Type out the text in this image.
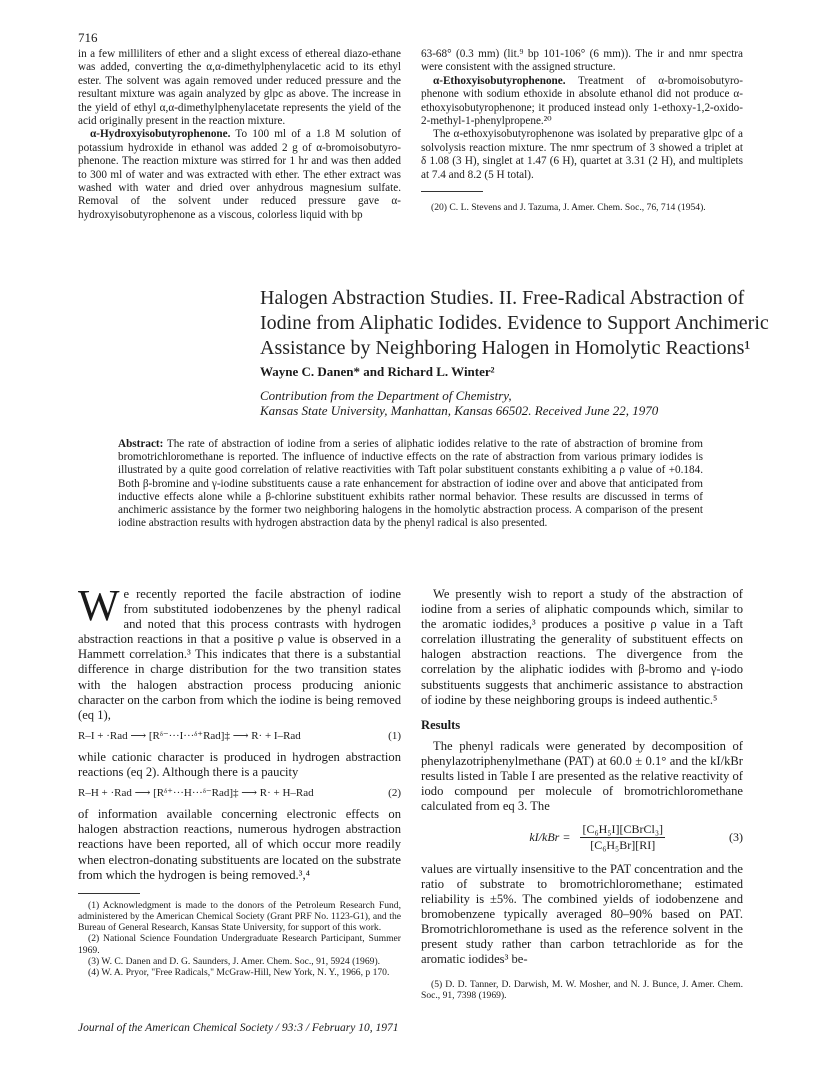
716

in a few milliliters of ether and a slight excess of ethereal diazo-ethane was added, converting the α,α-dimethylphenylacetic acid to its ethyl ester. The solvent was again removed under reduced pressure and the resultant mixture was again analyzed by glpc as above. The increase in the yield of ethyl α,α-dimethylphenylacetate represents the yield of the acid originally present in the reaction mixture.

α-Hydroxyisobutyrophenone. To 100 ml of a 1.8 M solution of potassium hydroxide in ethanol was added 2 g of α-bromoisobutyro-phenone. The reaction mixture was stirred for 1 hr and was then added to 300 ml of water and was extracted with ether. The ether extract was washed with water and dried over anhydrous magnesium sulfate. Removal of the solvent under reduced pressure gave α-hydroxyisobutyrophenone as a viscous, colorless liquid with bp

63-68° (0.3 mm) (lit.⁹ bp 101-106° (6 mm)). The ir and nmr spectra were consistent with the assigned structure.

α-Ethoxyisobutyrophenone. Treatment of α-bromoisobutyro-phenone with sodium ethoxide in absolute ethanol did not produce α-ethoxyisobutyrophenone; it produced instead only 1-ethoxy-1,2-oxido-2-methyl-1-phenylpropene.²⁰

The α-ethoxyisobutyrophenone was isolated by preparative glpc of a solvolysis reaction mixture. The nmr spectrum of 3 showed a triplet at δ 1.08 (3 H), singlet at 1.47 (6 H), quartet at 3.31 (2 H), and multiplets at 7.4 and 8.2 (5 H total).

(20) C. L. Stevens and J. Tazuma, J. Amer. Chem. Soc., 76, 714 (1954).

Halogen Abstraction Studies. II. Free-Radical Abstraction of Iodine from Aliphatic Iodides. Evidence to Support Anchimeric Assistance by Neighboring Halogen in Homolytic Reactions¹
Wayne C. Danen* and Richard L. Winter²
Contribution from the Department of Chemistry,
Kansas State University, Manhattan, Kansas 66502. Received June 22, 1970
Abstract: The rate of abstraction of iodine from a series of aliphatic iodides relative to the rate of abstraction of bromine from bromotrichloromethane is reported. The influence of inductive effects on the rate of abstraction from various primary iodides is illustrated by a quite good correlation of relative reactivities with Taft polar substituent constants exhibiting a ρ value of +0.184. Both β-bromine and γ-iodine substituents cause a rate enhancement for abstraction of iodine over and above that anticipated from inductive effects alone while a β-chlorine substituent exhibits rather normal behavior. These results are discussed in terms of anchimeric assistance by the former two neighboring halogens in the homolytic abstraction process. A comparison of the present iodine abstraction results with hydrogen abstraction data by the phenyl radical is also presented.

We recently reported the facile abstraction of iodine from substituted iodobenzenes by the phenyl radical and noted that this process contrasts with hydrogen abstraction reactions in that a positive ρ value is observed in a Hammett correlation.³ This indicates that there is a substantial difference in charge distribution for the two transition states with the halogen abstraction process producing anionic character on the carbon from which the iodine is being removed (eq 1),

R–I + ·Rad ⟶ [Rᵟ⁻···I···ᵟ⁺Rad]‡ ⟶ R· + I–Rad	(1)

while cationic character is produced in hydrogen abstraction reactions (eq 2). Although there is a paucity

R–H + ·Rad ⟶ [Rᵟ⁺···H···ᵟ⁻Rad]‡ ⟶ R· + H–Rad	(2)

of information available concerning electronic effects on halogen abstraction reactions, numerous hydrogen abstraction reactions have been reported, all of which occur more readily when electron-donating substituents are located on the substrate from which the hydrogen is being removed.³,⁴

(1) Acknowledgment is made to the donors of the Petroleum Research Fund, administered by the American Chemical Society (Grant PRF No. 1123-G1), and the Bureau of General Research, Kansas State University, for support of this work.

(2) National Science Foundation Undergraduate Research Participant, Summer 1969.

(3) W. C. Danen and D. G. Saunders, J. Amer. Chem. Soc., 91, 5924 (1969).

(4) W. A. Pryor, "Free Radicals," McGraw-Hill, New York, N. Y., 1966, p 170.

We presently wish to report a study of the abstraction of iodine from a series of aliphatic compounds which, similar to the aromatic iodides,³ produces a positive ρ value in a Taft correlation illustrating the generality of substituent effects on halogen abstraction reactions. The divergence from the correlation by the aliphatic iodides with β-bromo and γ-iodo substituents suggests that anchimeric assistance to abstraction of iodine by these neighboring groups is indeed authentic.⁵

Results

The phenyl radicals were generated by decomposition of phenylazotriphenylmethane (PAT) at 60.0 ± 0.1° and the kI/kBr results listed in Table I are presented as the relative reactivity of iodo compound per molecule of bromotrichloromethane calculated from eq 3. The

$kI/kBr = \frac{\text{[C₆H₅I][CBrCl₃]}}{\text{[C₆H₅Br][RI]}}$	(3)

values are virtually insensitive to the PAT concentration and the ratio of substrate to bromotrichloromethane; estimated reliability is ±5%. The combined yields of iodobenzene and bromobenzene typically averaged 80–90% based on PAT. Bromotrichloromethane is used as the reference solvent in the present study rather than carbon tetrachloride as for the aromatic iodides³ be-

(5) D. D. Tanner, D. Darwish, M. W. Mosher, and N. J. Bunce, J. Amer. Chem. Soc., 91, 7398 (1969).

Journal of the American Chemical Society / 93:3 / February 10, 1971
